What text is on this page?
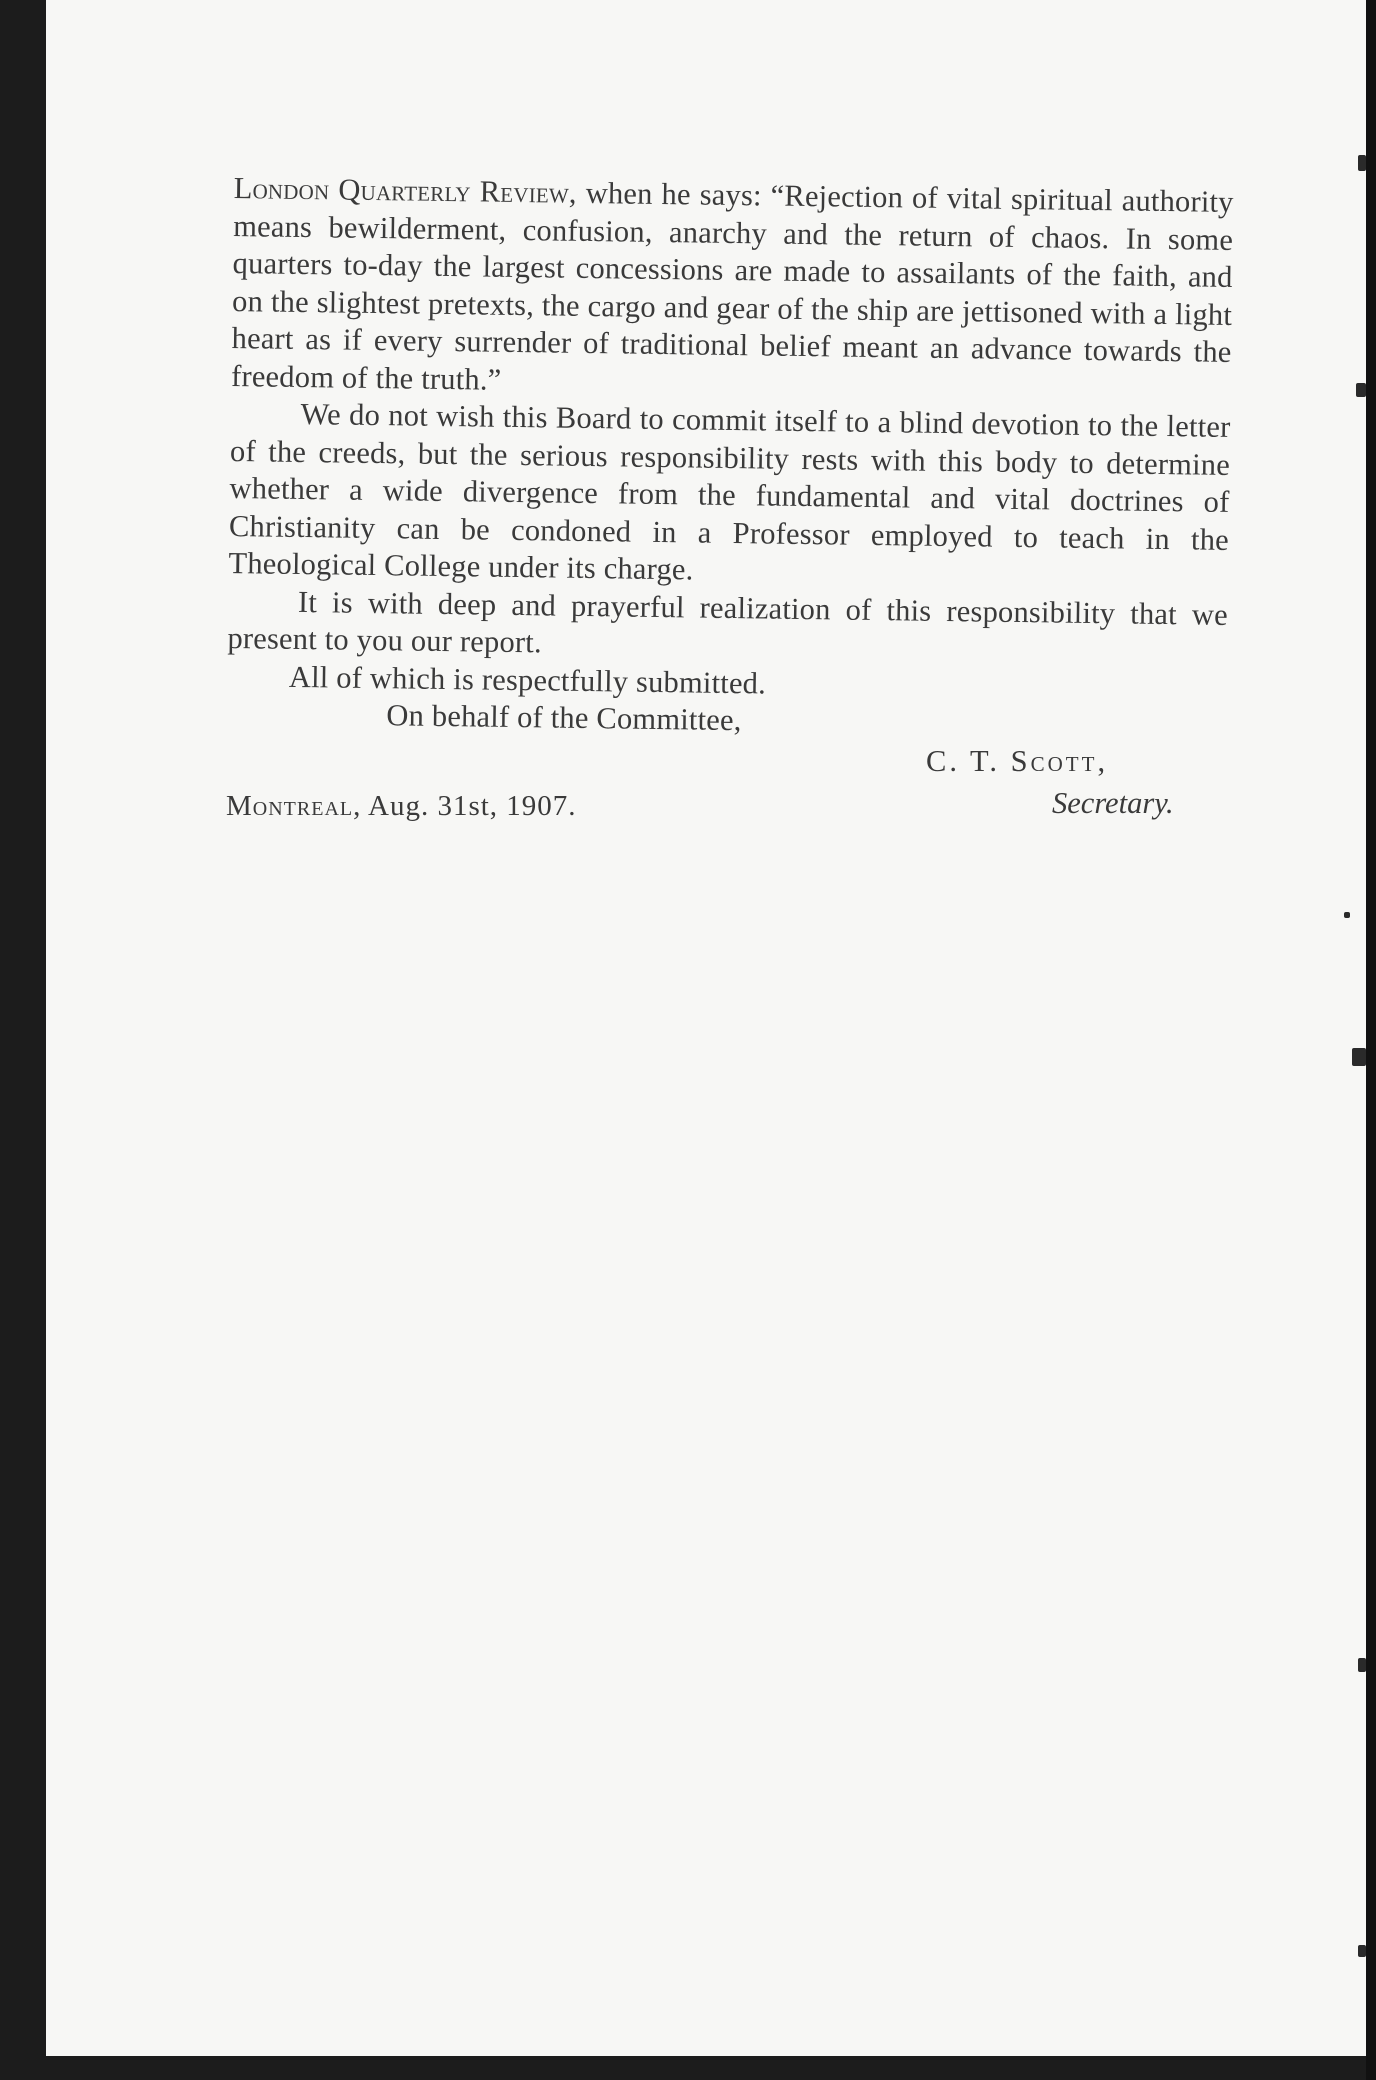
London Quarterly Review, when he says: “Rejection of vital spiritual authority means bewilderment, confusion, anarchy and the return of chaos. In some quarters to-day the largest concessions are made to assailants of the faith, and on the slightest pretexts, the cargo and gear of the ship are jettisoned with a light heart as if every surrender of traditional belief meant an advance towards the freedom of the truth.”

We do not wish this Board to commit itself to a blind devotion to the letter of the creeds, but the serious responsibility rests with this body to determine whether a wide divergence from the fundamental and vital doctrines of Christianity can be condoned in a Professor employed to teach in the Theological College under its charge.

It is with deep and prayerful realization of this responsibility that we present to you our report.

All of which is respectfully submitted.

On behalf of the Committee,

C. T. Scott,
Secretary.
Montreal, Aug. 31st, 1907.
